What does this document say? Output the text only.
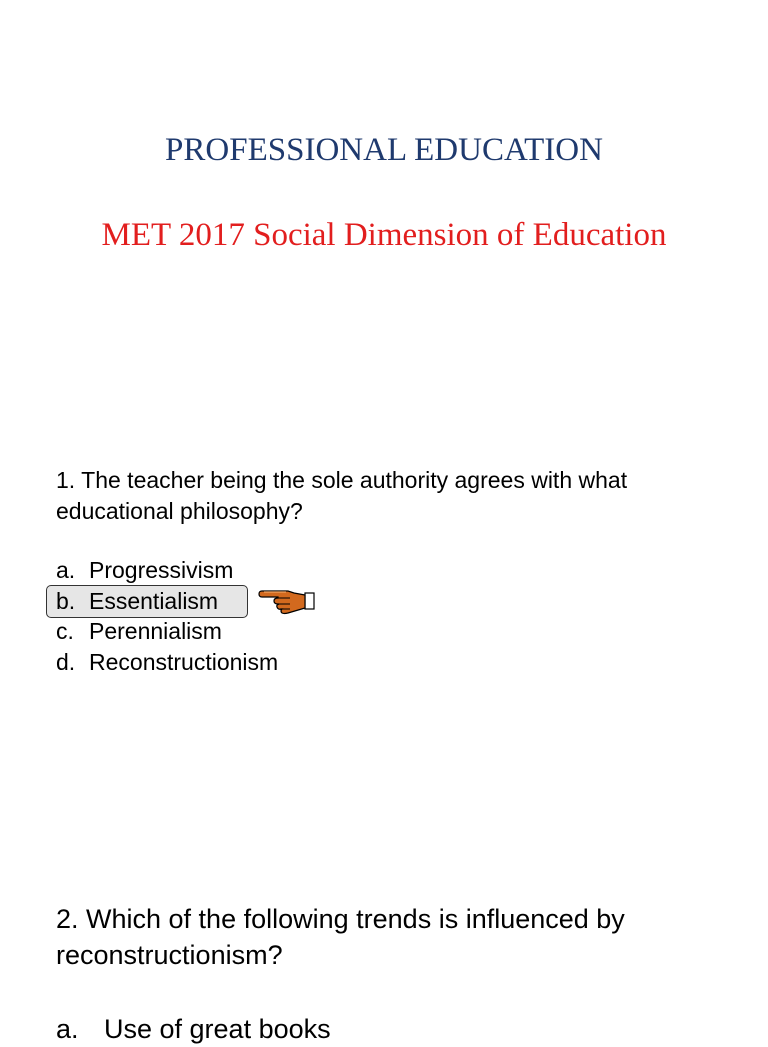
PROFESSIONAL EDUCATION
MET 2017 Social Dimension of Education

1. The teacher being the sole authority agrees with what educational philosophy?

a. Progressivism
b. Essentialism
c. Perennialism
d. Reconstructionism

2. Which of the following trends is influenced by reconstructionism?

a. Use of great books
